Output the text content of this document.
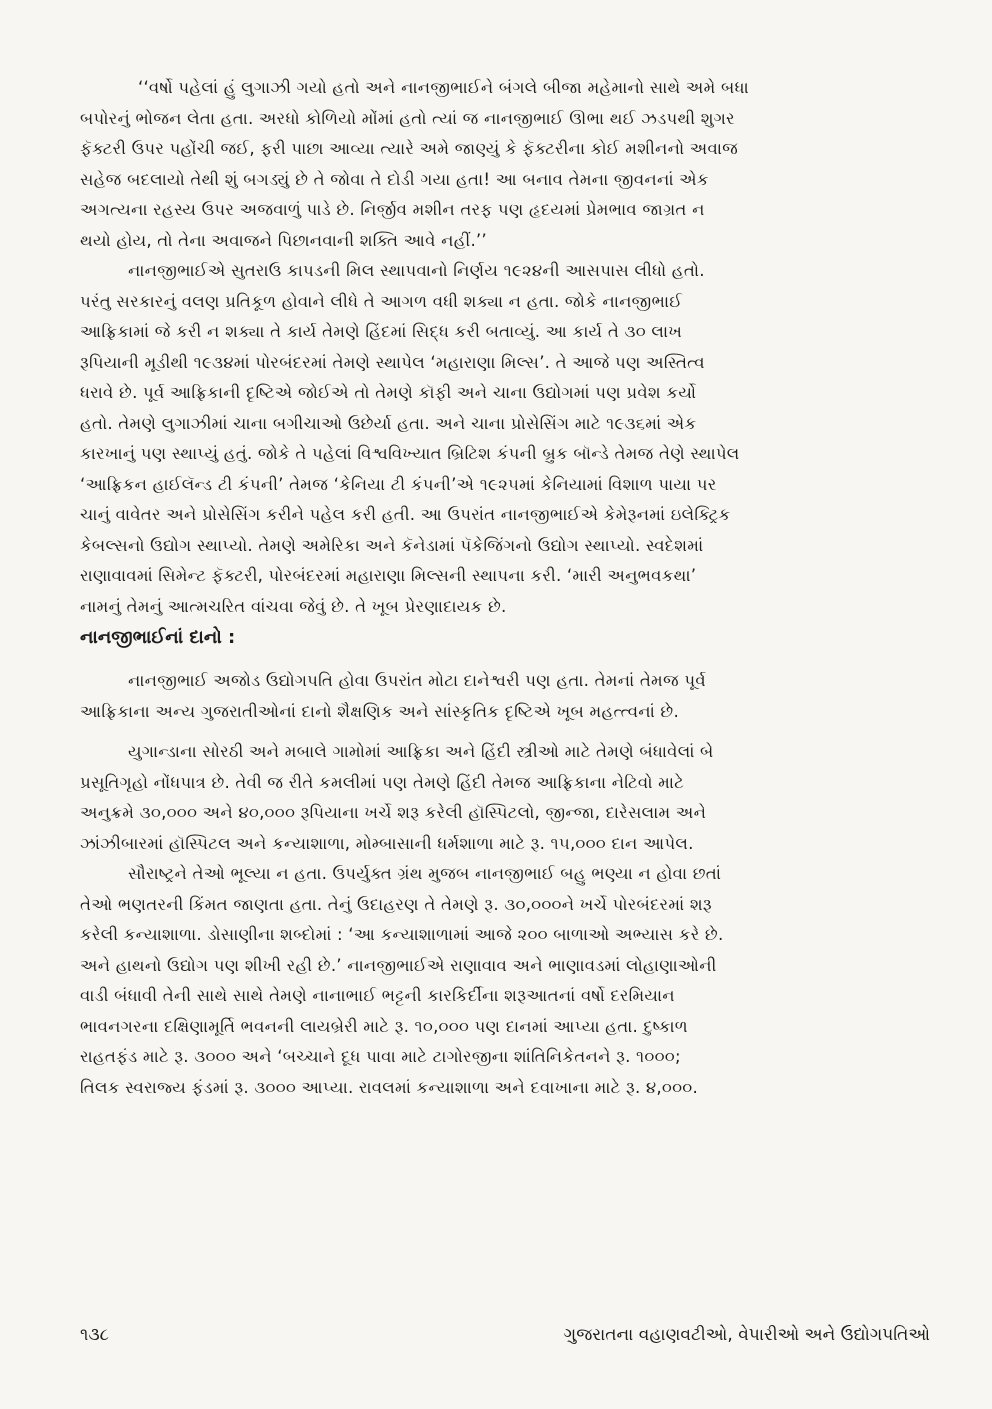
‘‘વર્ષો પહેલાં હું લુગાઝી ગયો હતો અને નાનજીભાઈને બંગલે બીજા મહેમાનો સાથે અમે બધા
બપોરનું ભોજન લેતા હતા. અરધો કોળિયો મોંમાં હતો ત્યાં જ નાનજીભાઈ ઊભા થઈ ઝડપથી શુગર
ફૅક્ટરી ઉપર પહોંચી જઈ, ફરી પાછા આવ્યા ત્યારે અમે જાણ્યું કે ફૅક્ટરીના કોઈ મશીનનો અવાજ
સહેજ બદલાયો તેથી શું બગડ્યું છે તે જોવા તે દોડી ગયા હતા! આ બનાવ તેમના જીવનનાં એક
અગત્યના રહસ્ય ઉપર અજવાળું પાડે છે. નિર્જીવ મશીન તરફ પણ હૃદયમાં પ્રેમભાવ જાગ્રત ન
થયો હોય, તો તેના અવાજને પિછાનવાની શક્તિ આવે નહીં.’’
નાનજીભાઈએ સુતરાઉ કાપડની મિલ સ્થાપવાનો નિર્ણય ૧૯૨૪ની આસપાસ લીધો હતો.
પરંતુ સરકારનું વલણ પ્રતિકૂળ હોવાને લીધે તે આગળ વધી શક્યા ન હતા. જોકે નાનજીભાઈ
આફ્રિકામાં જે કરી ન શક્યા તે કાર્ય તેમણે હિંદમાં સિદ્ધ કરી બતાવ્યું. આ કાર્ય તે ૩૦ લાખ
રૂપિયાની મૂડીથી ૧૯૩૪માં પોરબંદરમાં તેમણે સ્થાપેલ ‘મહારાણા મિલ્સ’. તે આજે પણ અસ્તિત્વ
ધરાવે છે. પૂર્વ આફ્રિકાની દૃષ્ટિએ જોઈએ તો તેમણે કૉફી અને ચાના ઉદ્યોગમાં પણ પ્રવેશ કર્યો
હતો. તેમણે લુગાઝીમાં ચાના બગીચાઓ ઉછેર્યા હતા. અને ચાના પ્રોસેસિંગ માટે ૧૯૩૬માં એક
કારખાનું પણ સ્થાપ્યું હતું. જોકે તે પહેલાં વિશ્વવિખ્યાત બ્રિટિશ કંપની બ્રુક બૉન્ડે તેમજ તેણે સ્થાપેલ
‘આફ્રિકન હાઈલૅન્ડ ટી કંપની’ તેમજ ‘કેનિયા ટી કંપની’એ ૧૯૨૫માં કેનિયામાં વિશાળ પાયા પર
ચાનું વાવેતર અને પ્રોસેસિંગ કરીને પહેલ કરી હતી. આ ઉપરાંત નાનજીભાઈએ કેમેરૂનમાં ઇલેક્ટ્રિક
કેબલ્સનો ઉદ્યોગ સ્થાપ્યો. તેમણે અમેરિકા અને કૅનેડામાં પૅકેજિંગનો ઉદ્યોગ સ્થાપ્યો. સ્વદેશમાં
રાણાવાવમાં સિમેન્ટ ફૅક્ટરી, પોરબંદરમાં મહારાણા મિલ્સની સ્થાપના કરી. ‘મારી અનુભવકથા’
નામનું તેમનું આત્મચરિત વાંચવા જેવું છે. તે ખૂબ પ્રેરણાદાયક છે.
નાનજીભાઈનાં દાનો :
નાનજીભાઈ અજોડ ઉદ્યોગપતિ હોવા ઉપરાંત મોટા દાનેશ્વરી પણ હતા. તેમનાં તેમજ પૂર્વ
આફ્રિકાના અન્ય ગુજરાતીઓનાં દાનો શૈક્ષણિક અને સાંસ્કૃતિક દૃષ્ટિએ ખૂબ મહત્ત્વનાં છે.
યુગાન્ડાના સોરઠી અને મબાલે ગામોમાં આફ્રિકા અને હિંદી સ્ત્રીઓ માટે તેમણે બંધાવેલાં બે
પ્રસૂતિગૃહો નોંધપાત્ર છે. તેવી જ રીતે કમલીમાં પણ તેમણે હિંદી તેમજ આફ્રિકાના નેટિવો માટે
અનુક્રમે ૩૦,૦૦૦ અને ૪૦,૦૦૦ રૂપિયાના ખર્ચે શરૂ કરેલી હૉસ્પિટલો, જીન્જા, દારેસલામ અને
ઝાંઝીબારમાં હૉસ્પિટલ અને કન્યાશાળા, મોમ્બાસાની ધર્મશાળા માટે રૂ. ૧૫,૦૦૦ દાન આપેલ.
સૌરાષ્ટ્રને તેઓ ભૂલ્યા ન હતા. ઉપર્યુક્ત ગ્રંથ મુજબ નાનજીભાઈ બહુ ભણ્યા ન હોવા છતાં
તેઓ ભણતરની કિંમત જાણતા હતા. તેનું ઉદાહરણ તે તેમણે રૂ. ૩૦,૦૦૦ને ખર્ચે પોરબંદરમાં શરૂ
કરેલી કન્યાશાળા. ડોસાણીના શબ્દોમાં : ‘આ કન્યાશાળામાં આજે ૨૦૦ બાળાઓ અભ્યાસ કરે છે.
અને હાથનો ઉદ્યોગ પણ શીખી રહી છે.’ નાનજીભાઈએ રાણાવાવ અને ભાણાવડમાં લોહાણાઓની
વાડી બંધાવી તેની સાથે સાથે તેમણે નાનાભાઈ ભટ્ટની કારકિર્દીના શરૂઆતનાં વર્ષો દરમિયાન
ભાવનગરના દક્ષિણામૂર્તિ ભવનની લાયબ્રેરી માટે રૂ. ૧૦,૦૦૦ પણ દાનમાં આપ્યા હતા. દુષ્કાળ
રાહતફંડ માટે રૂ. ૩૦૦૦ અને ‘બચ્ચાને દૂધ પાવા માટે ટાગોરજીના શાંતિનિકેતનને રૂ. ૧૦૦૦;
તિલક સ્વરાજ્ય ફંડમાં રૂ. ૩૦૦૦ આપ્યા. રાવલમાં કન્યાશાળા અને દવાખાના માટે રૂ. ૪,૦૦૦.
૧૩૮	ગુજરાતના વહાણવટીઓ, વેપારીઓ અને ઉદ્યોગપતિઓ
